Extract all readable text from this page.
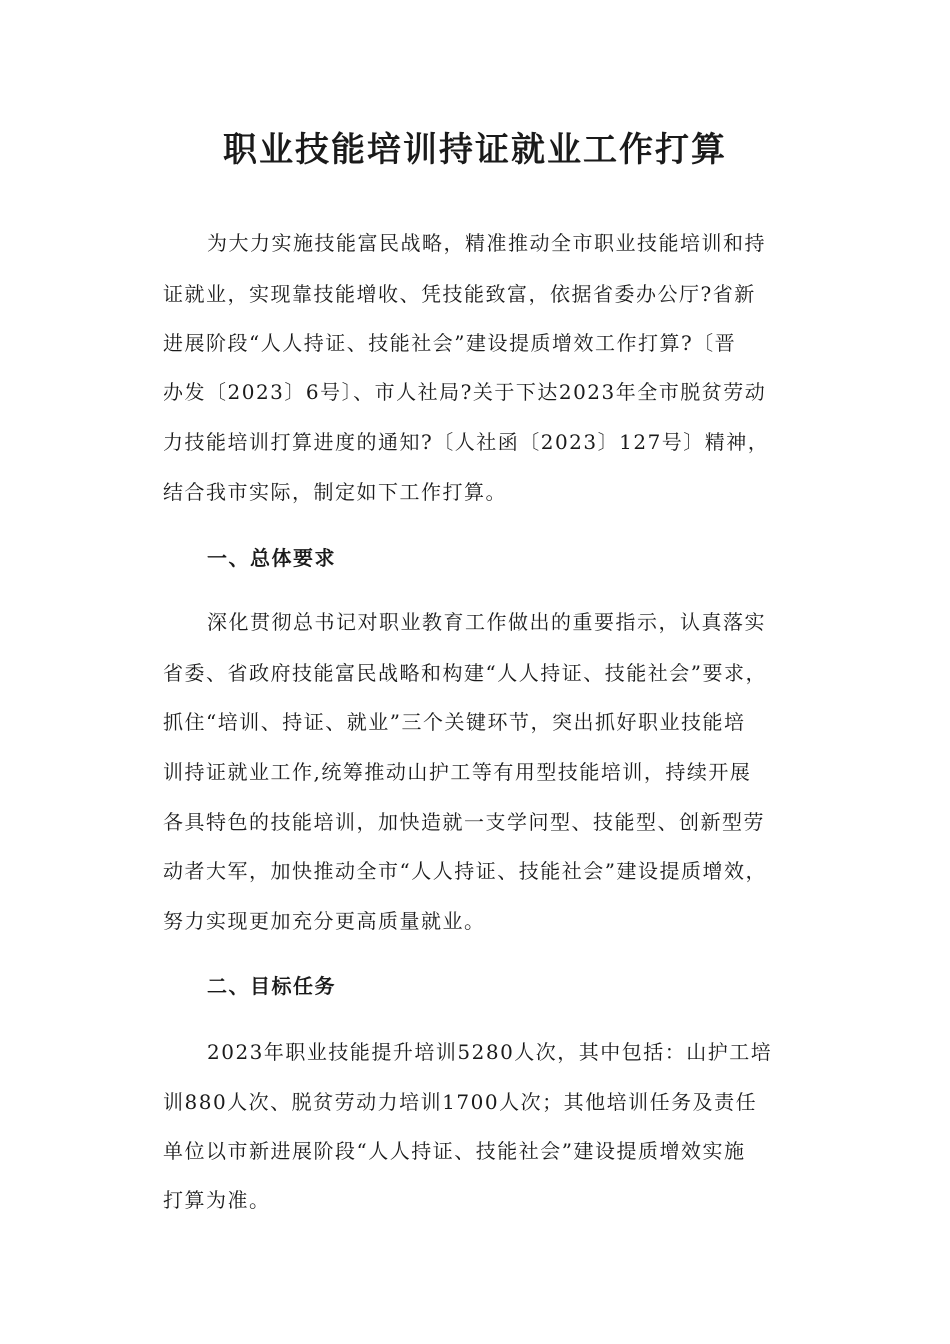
职业技能培训持证就业工作打算
为大力实施技能富民战略，精准推动全市职业技能培训和持
证就业，实现靠技能增收、凭技能致富，依据省委办公厅?省新
进展阶段“人人持证、技能社会”建设提质增效工作打算?〔晋
办发〔2023〕6号〕、市人社局?关于下达2023年全市脱贫劳动
力技能培训打算进度的通知?〔人社函〔2023〕127号〕精神，
结合我市实际，制定如下工作打算。
一、总体要求
深化贯彻总书记对职业教育工作做出的重要指示，认真落实
省委、省政府技能富民战略和构建“人人持证、技能社会”要求，
抓住“培训、持证、就业”三个关键环节，突出抓好职业技能培
训持证就业工作,统筹推动山护工等有用型技能培训，持续开展
各具特色的技能培训，加快造就一支学问型、技能型、创新型劳
动者大军，加快推动全市“人人持证、技能社会”建设提质增效，
努力实现更加充分更高质量就业。
二、目标任务
2023年职业技能提升培训5280人次，其中包括：山护工培
训880人次、脱贫劳动力培训1700人次；其他培训任务及责任
单位以市新进展阶段“人人持证、技能社会”建设提质增效实施
打算为准。
